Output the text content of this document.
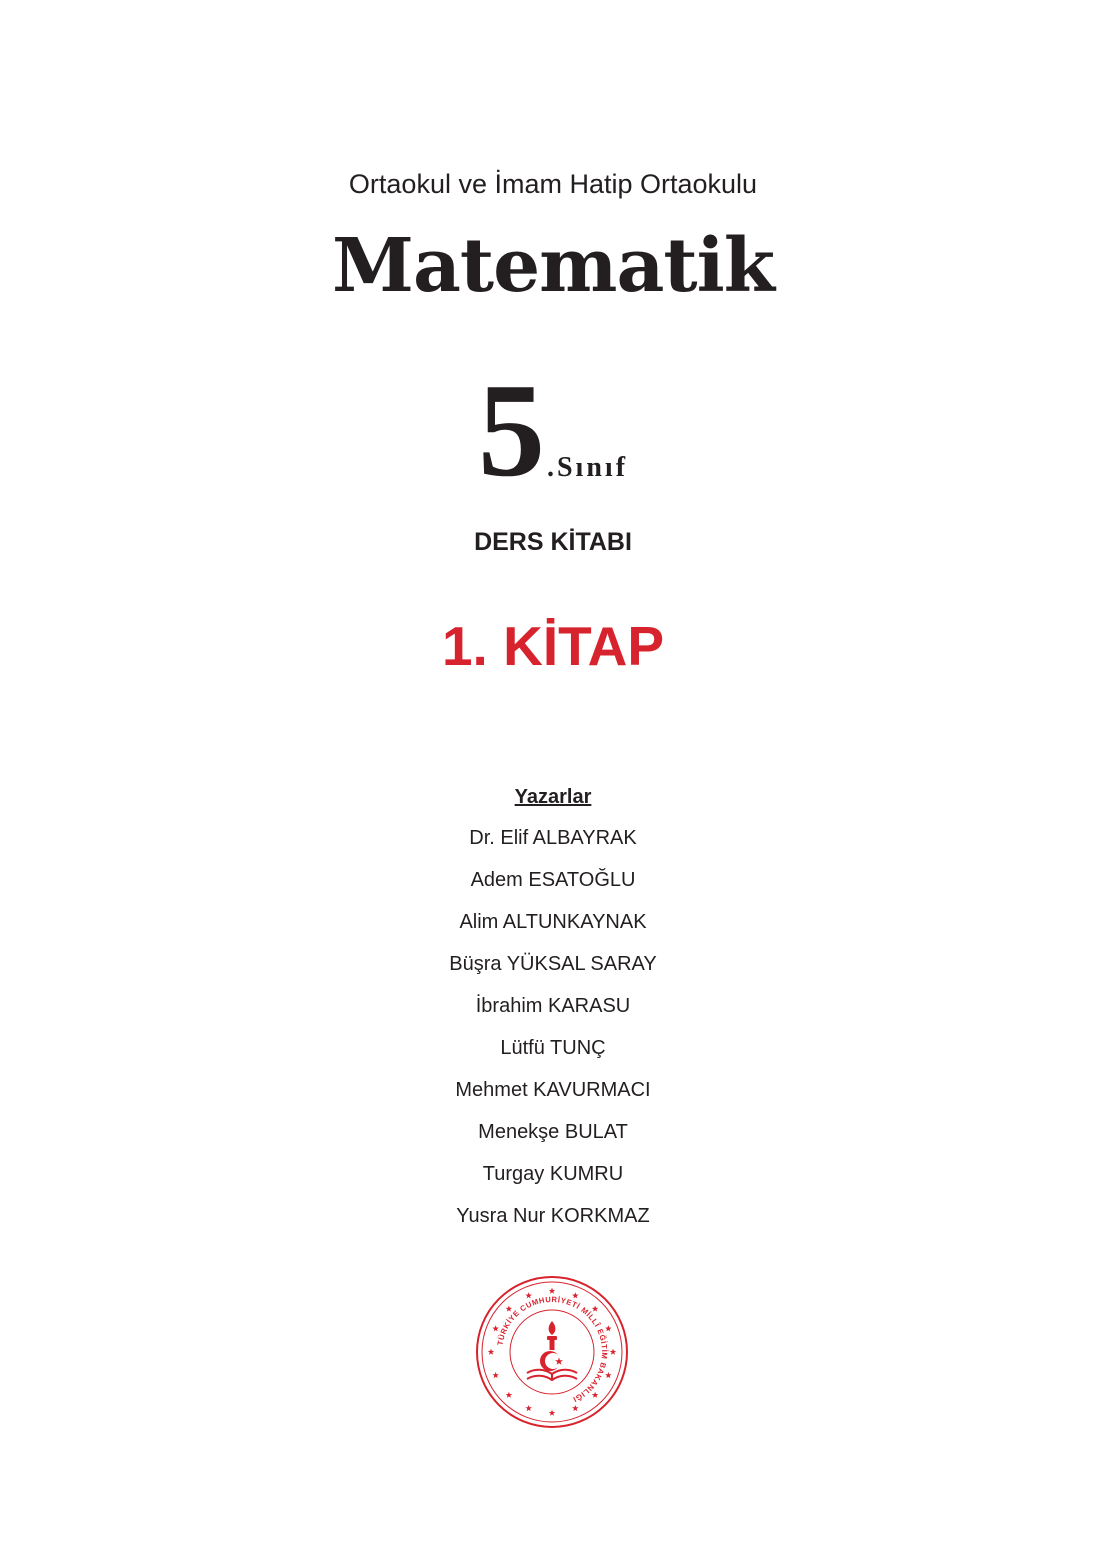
Ortaokul ve İmam Hatip Ortaokulu
Matematik
5.Sınıf
DERS KİTABI
1. KİTAP
Yazarlar
Dr. Elif ALBAYRAK
Adem ESATOĞLU
Alim ALTUNKAYNAK
Büşra YÜKSAL SARAY
İbrahim KARASU
Lütfü TUNÇ
Mehmet KAVURMACI
Menekşe BULAT
Turgay KUMRU
Yusra Nur KORKMAZ
TÜRKİYE CUMHURİYETİ MİLLÎ EĞİTİM BAKANLIĞI
